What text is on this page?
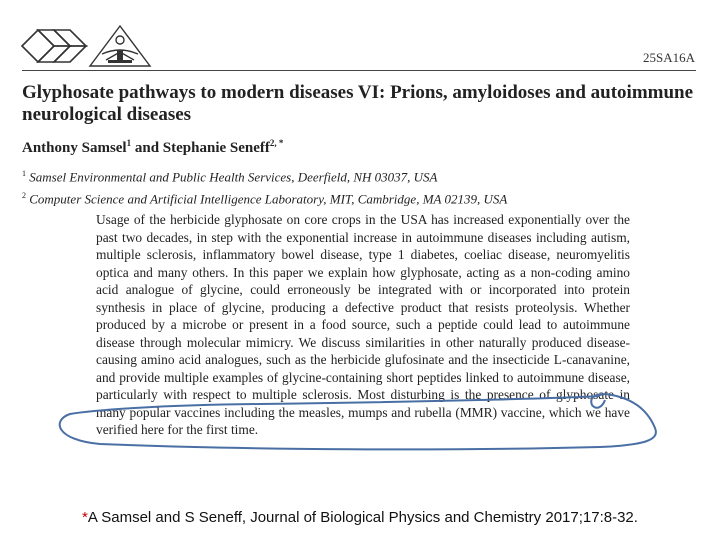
25SA16A
Glyphosate pathways to modern diseases VI: Prions, amyloidoses and autoimmune neurological diseases
Anthony Samsel$^1$ and Stephanie Seneff$^{2, *}$
$^1$ Samsel Environmental and Public Health Services, Deerfield, NH 03037, USA
$^2$ Computer Science and Artificial Intelligence Laboratory, MIT, Cambridge, MA 02139, USA

Usage of the herbicide glyphosate on core crops in the USA has increased exponentially over the past two decades, in step with the exponential increase in autoimmune diseases including autism, multiple sclerosis, inflammatory bowel disease, type 1 diabetes, coeliac disease, neuromyelitis optica and many others. In this paper we explain how glyphosate, acting as a non-coding amino acid analogue of glycine, could erroneously be integrated with or incorporated into protein synthesis in place of glycine, producing a defective product that resists proteolysis. Whether produced by a microbe or present in a food source, such a peptide could lead to autoimmune disease through molecular mimicry. We discuss similarities in other naturally produced disease-causing amino acid analogues, such as the herbicide glufosinate and the insecticide L-canavanine, and provide multiple examples of glycine-containing short peptides linked to autoimmune disease, particularly with respect to multiple sclerosis. Most disturbing is the presence of glyphosate in many popular vaccines including the measles, mumps and rubella (MMR) vaccine, which we have verified here for the first time.

*A Samsel and S Seneff, Journal of Biological Physics and Chemistry 2017;17:8-32.
